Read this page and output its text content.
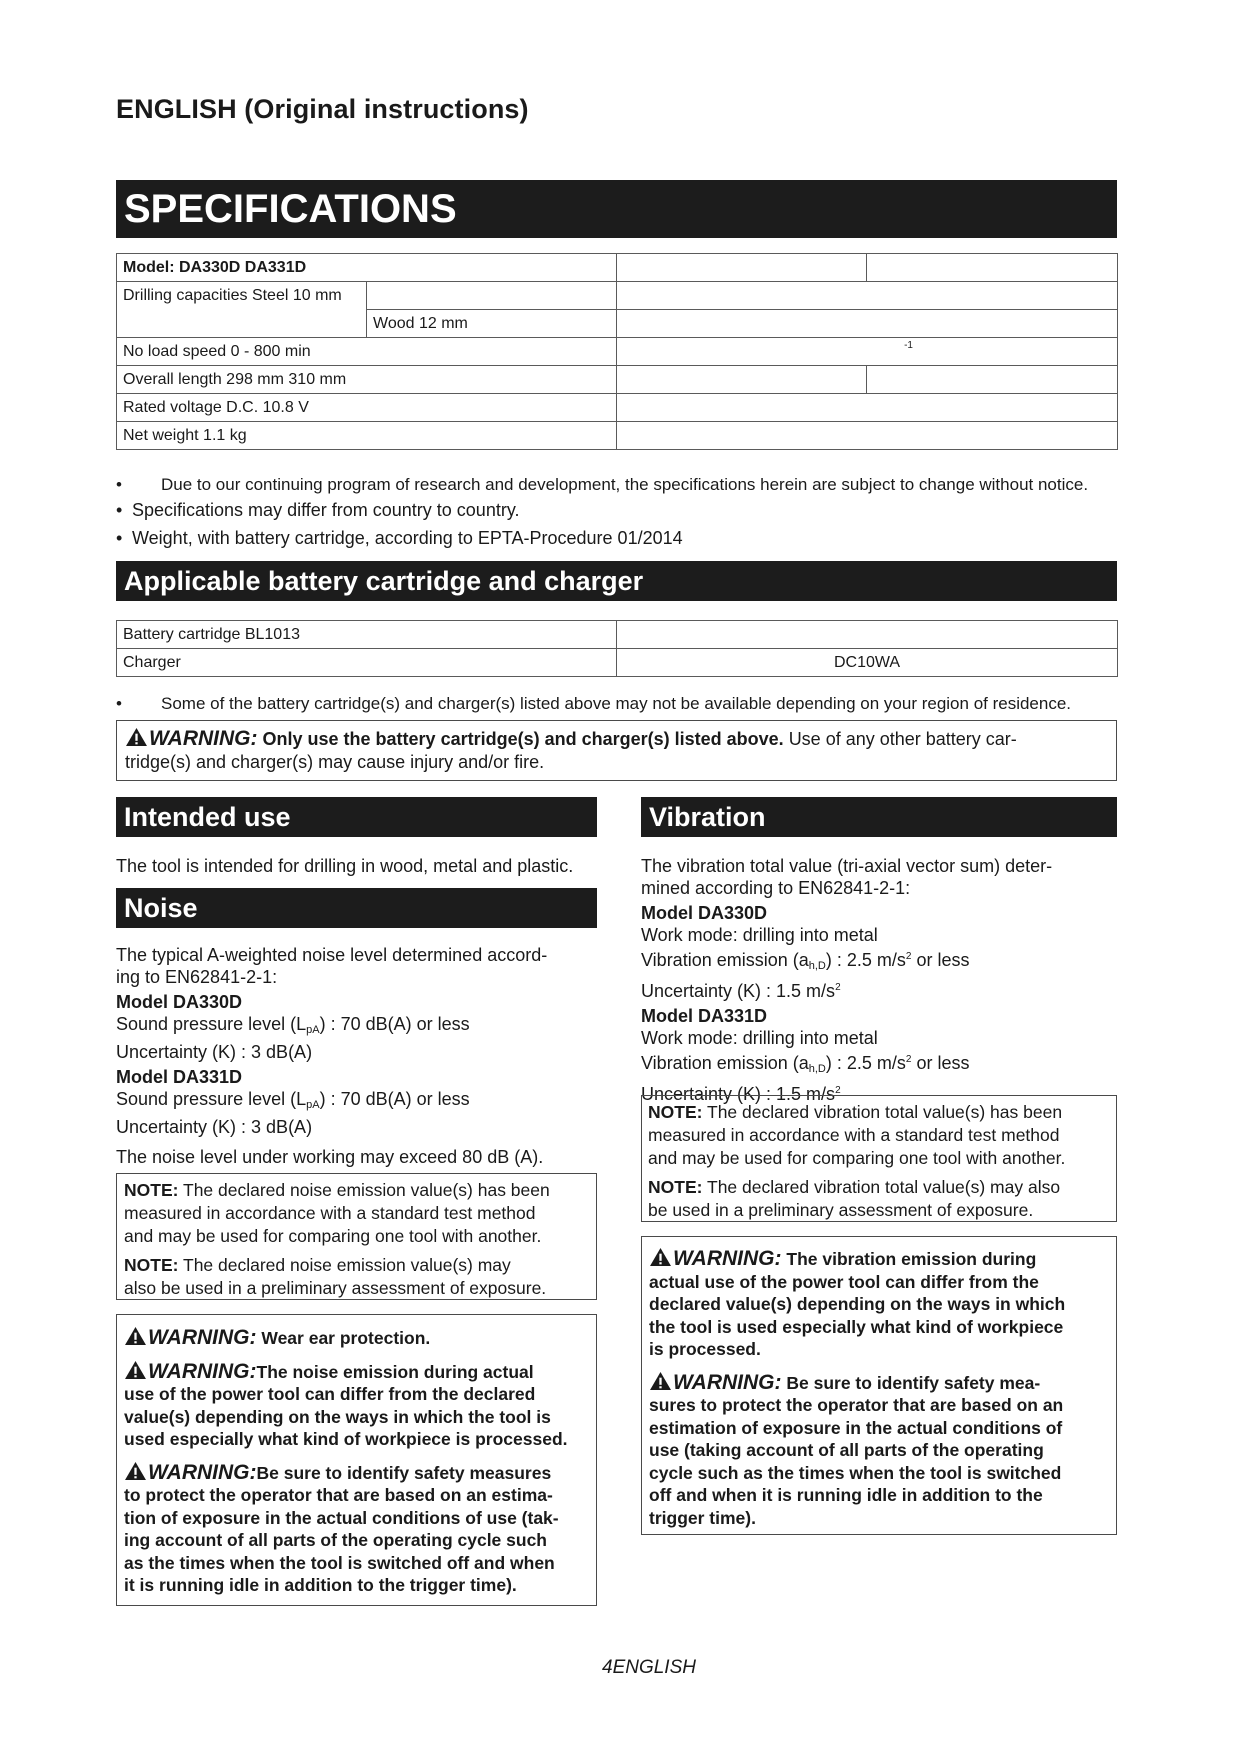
ENGLISH (Original instructions)
SPECIFICATIONS
Model: DA330D DA331D			
Drilling capacities Steel 10 mm			
	Wood 12 mm		
No load speed 0 - 800 min		-1	

Overall length 298 mm 310 mm			
Rated voltage D.C. 10.8 V			
Net weight 1.1 kg			
• Due to our continuing program of research and development, the specifications herein are subject to change without notice.
• Specifications may differ from country to country.
• Weight, with battery cartridge, according to EPTA-Procedure 01/2014
Applicable battery cartridge and charger
Battery cartridge BL1013	
Charger	DC10WA
• Some of the battery cartridge(s) and charger(s) listed above may not be available depending on your region of residence.
WARNING: Only use the battery cartridge(s) and charger(s) listed above. Use of any other battery car-
tridge(s) and charger(s) may cause injury and/or fire.
Intended use
The tool is intended for drilling in wood, metal and plastic.
Noise
The typical A-weighted noise level determined accord-
ing to EN62841-2-1:
Model DA330D
Sound pressure level $(L_{pA})$ : 70 dB(A) or less
Uncertainty (K) : 3 dB(A)
Model DA331D
Sound pressure level $(L_{pA})$ : 70 dB(A) or less
Uncertainty (K) : 3 dB(A)
The noise level under working may exceed 80 dB (A).
NOTE: The declared noise emission value(s) has been
measured in accordance with a standard test method
and may be used for comparing one tool with another.
NOTE: The declared noise emission value(s) may
also be used in a preliminary assessment of exposure.
WARNING: Wear ear protection.
WARNING:The noise emission during actual
use of the power tool can differ from the declared
value(s) depending on the ways in which the tool is
used especially what kind of workpiece is processed.
WARNING:Be sure to identify safety measures
to protect the operator that are based on an estima-
tion of exposure in the actual conditions of use (tak-
ing account of all parts of the operating cycle such
as the times when the tool is switched off and when
it is running idle in addition to the trigger time).
Vibration
The vibration total value (tri-axial vector sum) deter-
mined according to EN62841-2-1:
Model DA330D
Work mode: drilling into metal
Vibration emission $(a_{h,D})$ : 2.5 $m/s^2$ or less
Uncertainty (K) : 1.5 $m/s^2$
Model DA331D
Work mode: drilling into metal
Vibration emission $(a_{h,D})$ : 2.5 $m/s^2$ or less
Uncertainty (K) : 1.5 $m/s^2$
NOTE: The declared vibration total value(s) has been
measured in accordance with a standard test method
and may be used for comparing one tool with another.
NOTE: The declared vibration total value(s) may also
be used in a preliminary assessment of exposure.
WARNING: The vibration emission during
actual use of the power tool can differ from the
declared value(s) depending on the ways in which
the tool is used especially what kind of workpiece
is processed.
WARNING: Be sure to identify safety mea-
sures to protect the operator that are based on an
estimation of exposure in the actual conditions of
use (taking account of all parts of the operating
cycle such as the times when the tool is switched
off and when it is running idle in addition to the
trigger time).
4ENGLISH
